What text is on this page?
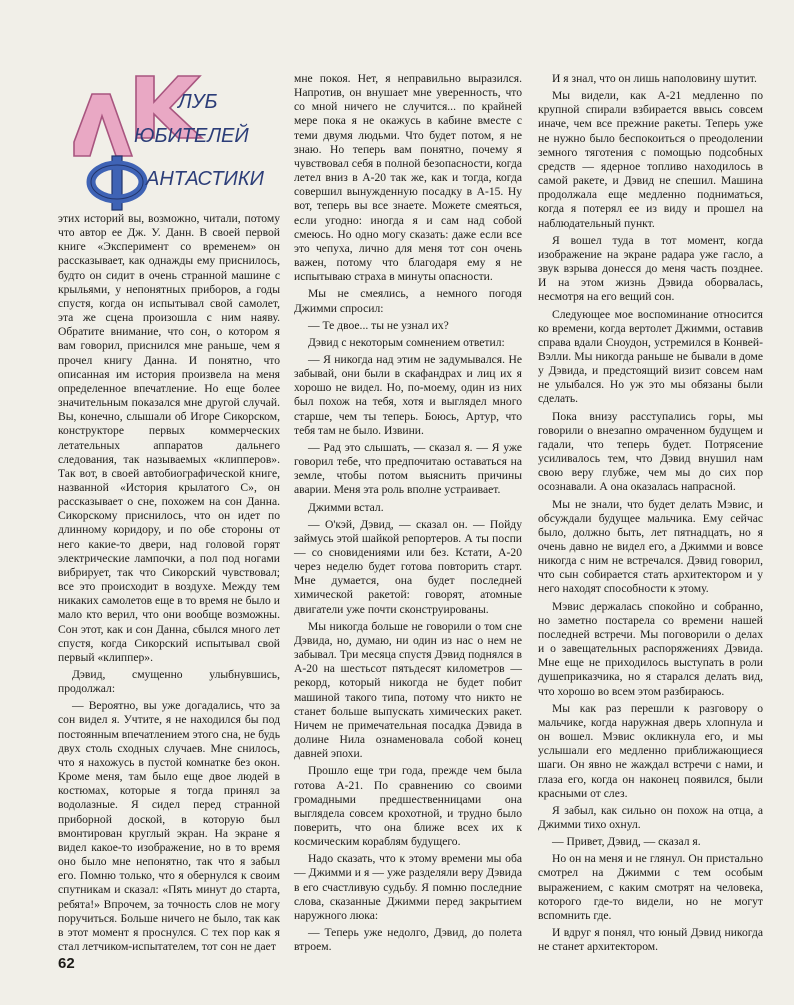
ЛУБ
ЮБИТЕЛЕЙ
АНТАСТИКИ

этих историй вы, возможно, читали, потому что автор ее Дж. У. Данн. В своей первой книге «Эксперимент со временем» он рассказывает, как однажды ему приснилось, будто он сидит в очень странной машине с крыльями, у непонятных приборов, а годы спустя, когда он испытывал свой самолет, эта же сцена произошла с ним наяву. Обратите внимание, что сон, о котором я вам говорил, приснился мне раньше, чем я прочел книгу Данна. И понятно, что описанная им история произвела на меня определенное впечатление. Но еще более значительным показался мне другой случай. Вы, конечно, слышали об Игоре Сикорском, конструкторе первых коммерческих летательных аппаратов дальнего следования, так называемых «клипперов». Так вот, в своей автобиографической книге, названной «История крылатого С», он рассказывает о сне, похожем на сон Данна. Сикорскому приснилось, что он идет по длинному коридору, и по обе стороны от него какие-то двери, над головой горят электрические лампочки, а пол под ногами вибрирует, так что Сикорский чувствовал; все это происходит в воздухе. Между тем никаких самолетов еще в то время не было и мало кто верил, что они вообще возможны. Сон этот, как и сон Данна, сбылся много лет спустя, когда Сикорский испытывал свой первый «клиппер».

Дэвид, смущенно улыбнувшись, продолжал:

— Вероятно, вы уже догадались, что за сон видел я. Учтите, я не находился бы под постоянным впечатлением этого сна, не будь двух столь сходных случаев. Мне снилось, что я нахожусь в пустой комнатке без окон. Кроме меня, там было еще двое людей в костюмах, которые я тогда принял за водолазные. Я сидел перед странной приборной доской, в которую был вмонтирован круглый экран. На экране я видел какое-то изображение, но в то время оно было мне непонятно, так что я забыл его. Помню только, что я обернулся к своим спутникам и сказал: «Пять минут до старта, ребята!» Впрочем, за точность слов не могу поручиться. Больше ничего не было, так как в этот момент я проснулся. С тех пор как я стал летчиком-испытателем, тот сон не дает

мне покоя. Нет, я неправильно выразился. Напротив, он внушает мне уверенность, что со мной ничего не случится... по крайней мере пока я не окажусь в кабине вместе с теми двумя людьми. Что будет потом, я не знаю. Но теперь вам понятно, почему я чувствовал себя в полной безопасности, когда летел вниз в А-20 так же, как и тогда, когда совершил вынужденную посадку в А-15. Ну вот, теперь вы все знаете. Можете смеяться, если угодно: иногда я и сам над собой смеюсь. Но одно могу сказать: даже если все это чепуха, лично для меня тот сон очень важен, потому что благодаря ему я не испытываю страха в минуты опасности.

Мы не смеялись, а немного погодя Джимми спросил:

— Те двое... ты не узнал их?

Дэвид с некоторым сомнением ответил:

— Я никогда над этим не задумывался. Не забывай, они были в скафандрах и лиц их я хорошо не видел. Но, по-моему, один из них был похож на тебя, хотя и выглядел много старше, чем ты теперь. Боюсь, Артур, что тебя там не было. Извини.

— Рад это слышать, — сказал я. — Я уже говорил тебе, что предпочитаю оставаться на земле, чтобы потом выяснить причины аварии. Меня эта роль вполне устраивает.

Джимми встал.

— О'кэй, Дэвид, — сказал он. — Пойду займусь этой шайкой репортеров. А ты поспи — со сновидениями или без. Кстати, А-20 через неделю будет готова повторить старт. Мне думается, она будет последней химической ракетой: говорят, атомные двигатели уже почти сконструированы.

Мы никогда больше не говорили о том сне Дэвида, но, думаю, ни один из нас о нем не забывал. Три месяца спустя Дэвид поднялся в А-20 на шестьсот пятьдесят километров — рекорд, который никогда не будет побит машиной такого типа, потому что никто не станет больше выпускать химических ракет. Ничем не примечательная посадка Дэвида в долине Нила ознаменовала собой конец давней эпохи.

Прошло еще три года, прежде чем была готова А-21. По сравнению со своими громадными предшественницами она выглядела совсем крохотной, и трудно было поверить, что она ближе всех их к космическим кораблям будущего.

Надо сказать, что к этому времени мы оба — Джимми и я — уже разделяли веру Дэвида в его счастливую судьбу. Я помню последние слова, сказанные Джимми перед закрытием наружного люка:

— Теперь уже недолго, Дэвид, до полета втроем.

И я знал, что он лишь наполовину шутит.

Мы видели, как А-21 медленно по крупной спирали взбирается ввысь совсем иначе, чем все прежние ракеты. Теперь уже не нужно было беспокоиться о преодолении земного тяготения с помощью подсобных средств — ядерное топливо находилось в самой ракете, и Дэвид не спешил. Машина продолжала еще медленно подниматься, когда я потерял ее из виду и прошел на наблюдательный пункт.

Я вошел туда в тот момент, когда изображение на экране радара уже гасло, а звук взрыва донесся до меня часть позднее. И на этом жизнь Дэвида оборвалась, несмотря на его вещий сон.

Следующее мое воспоминание относится ко времени, когда вертолет Джимми, оставив справа вдали Сноудон, устремился в Конвей-Вэлли. Мы никогда раньше не бывали в доме у Дэвида, и предстоящий визит совсем нам не улыбался. Но уж это мы обязаны были сделать.

Пока внизу расступались горы, мы говорили о внезапно омраченном будущем и гадали, что теперь будет. Потрясение усиливалось тем, что Дэвид внушил нам свою веру глубже, чем мы до сих пор осознавали. А она оказалась напрасной.

Мы не знали, что будет делать Мэвис, и обсуждали будущее мальчика. Ему сейчас было, должно быть, лет пятнадцать, но я очень давно не видел его, а Джимми и вовсе никогда с ним не встречался. Дэвид говорил, что сын собирается стать архитектором и у него находят способности к этому.

Мэвис держалась спокойно и собранно, но заметно постарела со времени нашей последней встречи. Мы поговорили о делах и о завещательных распоряжениях Дэвида. Мне еще не приходилось выступать в роли душеприказчика, но я старался делать вид, что хорошо во всем этом разбираюсь.

Мы как раз перешли к разговору о мальчике, когда наружная дверь хлопнула и он вошел. Мэвис окликнула его, и мы услышали его медленно приближающиеся шаги. Он явно не жаждал встречи с нами, и глаза его, когда он наконец появился, были красными от слез.

Я забыл, как сильно он похож на отца, а Джимми тихо охнул.

— Привет, Дэвид, — сказал я.

Но он на меня и не глянул. Он пристально смотрел на Джимми с тем особым выражением, с каким смотрят на человека, которого где-то видели, но не могут вспомнить где.

И вдруг я понял, что юный Дэвид никогда не станет архитектором.

62
